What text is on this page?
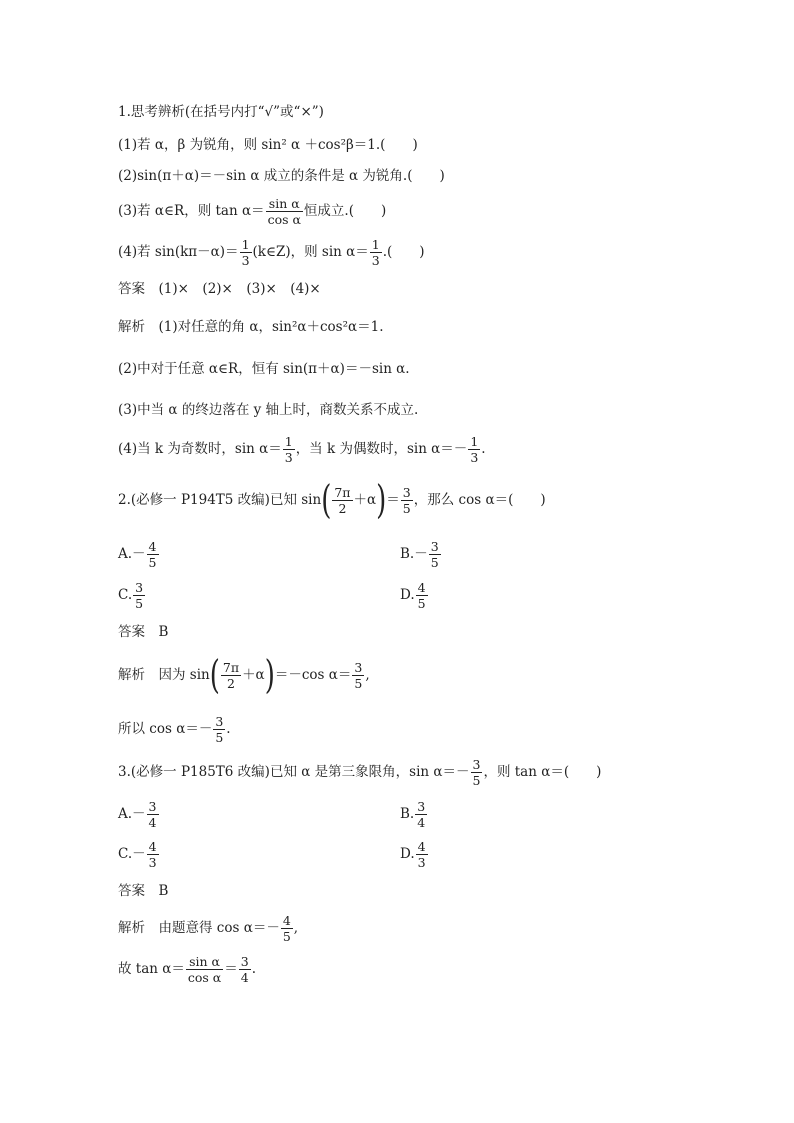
1.思考辨析(在括号内打“√”或“×”)
(1)若 α，β 为锐角，则 sin² α ＋cos²β＝1.(　　)
(2)sin(π＋α)＝－sin α 成立的条件是 α 为锐角.(　　)
(3)若 α∈R，则 $\tan \alpha= \frac{\text{sin α}}{\text{cos α}}$ 恒成立.(　　)
(4)若 $\sin(k\pi-\alpha)= \frac{1}{3}$ (k∈Z)，则 $\sin \alpha= \frac{1}{3}$ .(　　)
答案　(1)×　(2)×　(3)×　(4)×
解析　(1)对任意的角 α，sin²α＋cos²α＝1.
(2)中对于任意 α∈R，恒有 sin(π＋α)＝－sin α.
(3)中当 α 的终边落在 y 轴上时，商数关系不成立.
(4)当 k 为奇数时，$\sin \alpha= \frac{1}{3}$ ，当 k 为偶数时，$\sin \alpha=- \frac{1}{3}$ .
2.(必修一 P194T5 改编)已知 $\sin( \frac{7\pi}{2} +\alpha)= \frac{3}{5}$ ，那么 cos α＝(　　)
$A.- \frac{4}{5}$	$B.- \frac{3}{5}$
C. $\frac{3}{5}$	D. $\frac{4}{5}$
答案　B
解析　因为 $\sin( \frac{7\pi}{2} +\alpha)=-\cos$ $\alpha= \frac{3}{5}$ ,
所以 $\cos \alpha=- \frac{3}{5}$ .
3.(必修一 P185T6 改编)已知 α 是第三象限角，$\sin \alpha=- \frac{3}{5}$ ，则 tan α＝(　　)
$A.- \frac{3}{4}$	B. $\frac{3}{4}$
$C.- \frac{4}{3}$	D. $\frac{4}{3}$
答案　B
解析　由题意得 $\cos \alpha=- \frac{4}{5}$ ,
故 $\tan \alpha= \frac{\text{sin α}}{\text{cos α}} = \frac{3}{4}$ .
